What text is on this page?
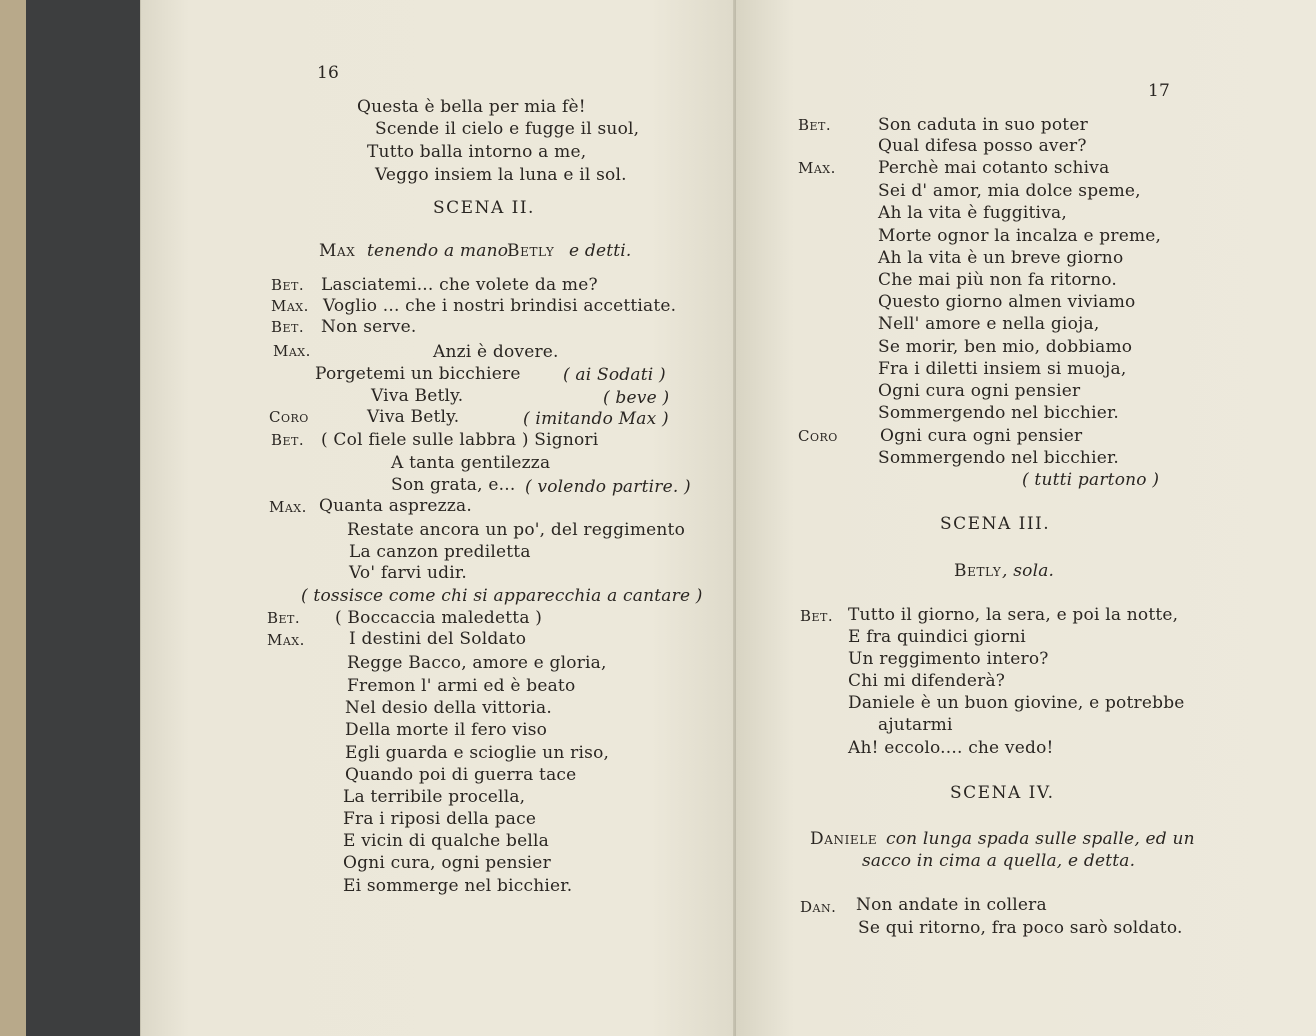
16
Questa è bella per mia fè!
Scende il cielo e fugge il suol,
Tutto balla intorno a me,
Veggo insiem la luna e il sol.
SCENA II.
Max tenendo a mano
Betly e detti.
Bet. Lasciatemi... che volete da me?
Max. Voglio ... che i nostri brindisi accettiate.
Bet. Non serve.
Max.	Anzi è dovere.
Porgetemi un bicchiere ( ai Sodati )
Viva Betly.	( beve )
Coro	Viva Betly.	( imitando Max )
Bet. ( Col fiele sulle labbra ) Signori
A tanta gentilezza
Son grata, e... ( volendo partire. )
Max. Quanta asprezza.
Restate ancora un po', del reggimento
La canzon prediletta
Vo' farvi udir.
( tossisce come chi si apparecchia a cantare )
Bet. ( Boccaccia maledetta )
Max.	I destini del Soldato
Regge Bacco, amore e gloria,
Fremon l' armi ed è beato
Nel desio della vittoria.
Della morte il fero viso
Egli guarda e scioglie un riso,
Quando poi di guerra tace
La terribile procella,
Fra i riposi della pace
E vicin di qualche bella
Ogni cura, ogni pensier
Ei sommerge nel bicchier.
17
Bet.	Son caduta in suo poter
Qual difesa posso aver?
Max. Perchè mai cotanto schiva
Sei d' amor, mia dolce speme,
Ah la vita è fuggitiva,
Morte ognor la incalza e preme,
Ah la vita è un breve giorno
Che mai più non fa ritorno.
Questo giorno almen viviamo
Nell' amore e nella gioja,
Se morir, ben mio, dobbiamo
Fra i diletti insiem si muoja,
Ogni cura ogni pensier
Sommergendo nel bicchier.
Coro Ogni cura ogni pensier
Sommergendo nel bicchier.
( tutti partono )
SCENA III.
Betly , sola.
Bet. Tutto il giorno, la sera, e poi la notte,
E fra quindici giorni
Un reggimento intero?
Chi mi difenderà?
Daniele è un buon giovine, e potrebbe
ajutarmi
Ah! eccolo.... che vedo!
SCENA IV.
Daniele con lunga spada sulle spalle, ed un
sacco in cima a quella, e detta.
Dan. Non andate in collera
Se qui ritorno, fra poco sarò soldato.
